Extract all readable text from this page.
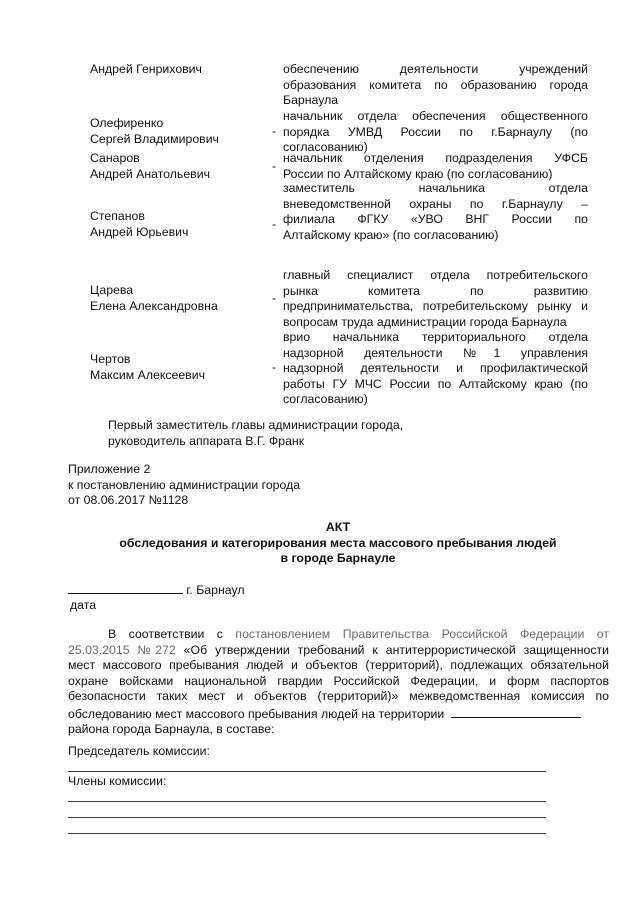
Андрей Генрихович	обеспечению деятельности учреждений
образования комитета по образованию города
Барнаула
Олефиренко
Сергей Владимирович
-
начальник отдела обеспечения общественного
порядка УМВД России по г.Барнаулу (по
согласованию)
Санаров
Андрей Анатольевич
-
начальник отделения подразделения УФСБ
России по Алтайскому краю (по согласованию)
Степанов
Андрей Юрьевич
-
заместитель начальника отдела
вневедомственной охраны по г.Барнаулу –
филиала ФГКУ «УВО ВНГ России по
Алтайскому краю» (по согласованию)
Царева
Елена Александровна
-
главный специалист отдела потребительского
рынка комитета по развитию
предпринимательства, потребительскому рынку и
вопросам труда администрации города Барнаула
Чертов
Максим Алексеевич
-
врио начальника территориального отдела
надзорной деятельности №1 управления
надзорной деятельности и профилактической
работы ГУ МЧС России по Алтайскому краю (по
согласованию)
Первый заместитель главы администрации города,
руководитель аппарата В.Г. Франк
Приложение 2
к постановлению администрации города
от 08.06.2017 №1128
АКТ
обследования и категорирования места массового пребывания людей
в городе Барнауле
г. Барнаул
дата
В соответствии с постановлением Правительства Российской Федерации от
25.03.2015 №272 «Об утверждении требований к антитеррористической защищенности
мест массового пребывания людей и объектов (территорий), подлежащих обязательной
охране войсками национальной гвардии Российской Федерации, и форм паспортов
безопасности таких мест и объектов (территорий)» межведомственная комиссия по
обследованию мест массового пребывания людей на территории
района города Барнаула, в составе:
Председатель комиссии:
Члены комиссии:
